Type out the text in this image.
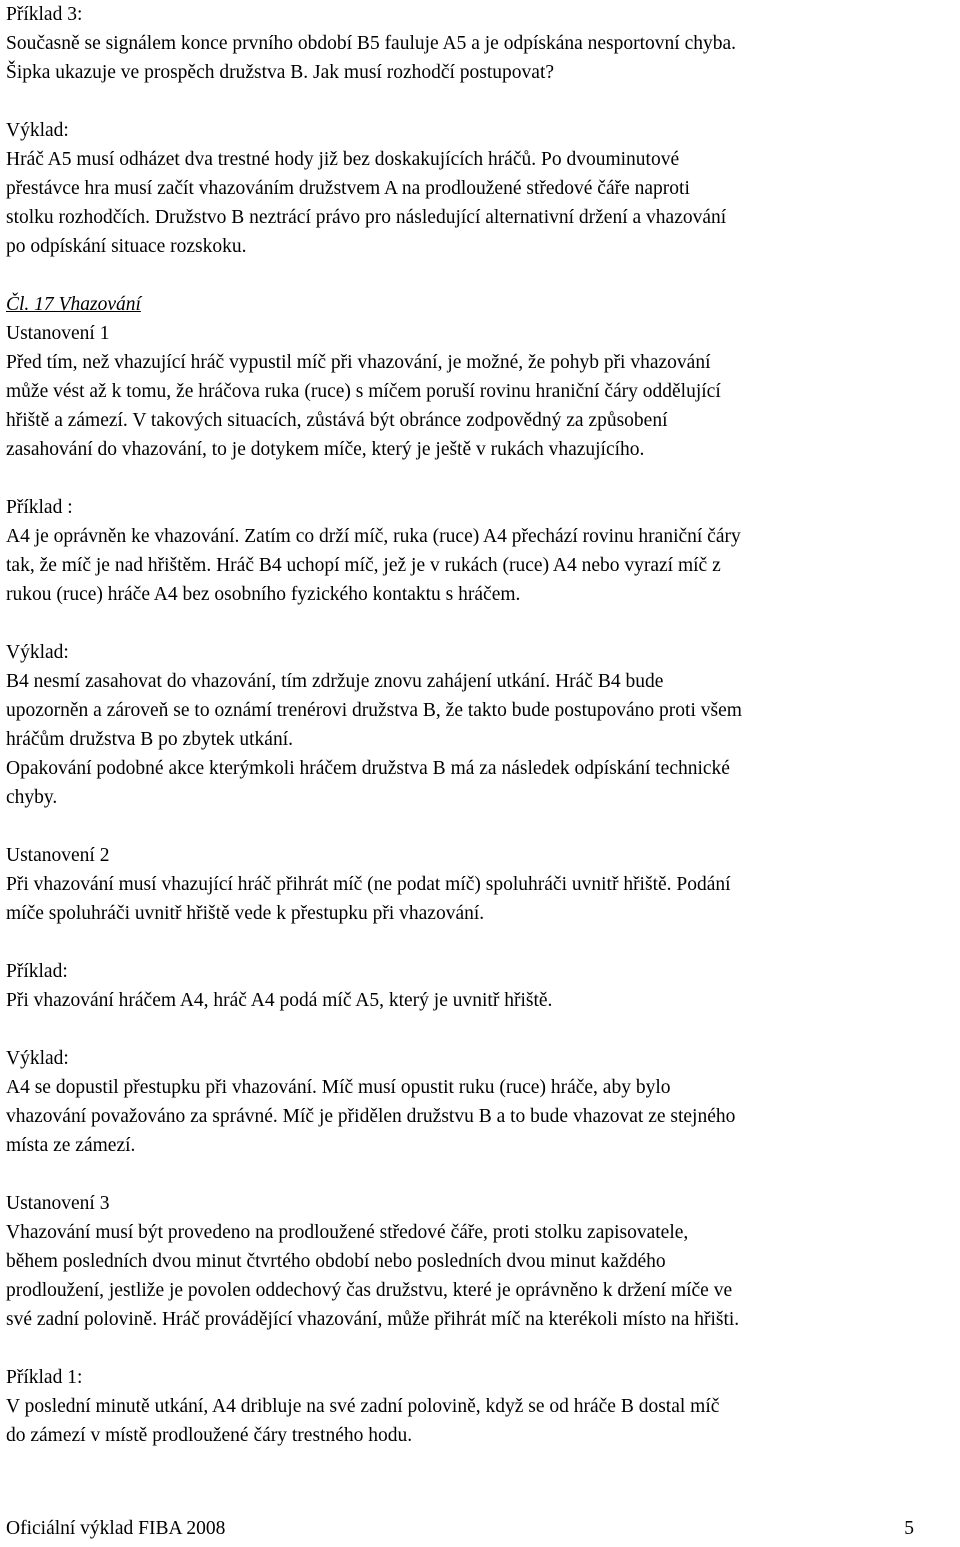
Příklad 3:
Současně se signálem konce prvního období B5 fauluje A5 a je odpískána nesportovní chyba.
Šipka ukazuje ve prospěch družstva B. Jak musí rozhodčí postupovat?
Výklad:
Hráč A5 musí odházet dva trestné hody již bez doskakujících hráčů. Po dvouminutové
přestávce hra musí začít vhazováním družstvem A na prodloužené středové čáře naproti
stolku rozhodčích. Družstvo B neztrácí právo pro následující alternativní držení a vhazování
po odpískání situace rozskoku.
Čl. 17 Vhazování
Ustanovení 1
Před tím, než vhazující hráč vypustil míč při vhazování, je možné, že pohyb při vhazování
může vést až k tomu, že hráčova ruka (ruce) s míčem poruší rovinu hraniční čáry oddělující
hřiště a zámezí. V takových situacích, zůstává být obránce zodpovědný za způsobení
zasahování do vhazování, to je dotykem míče, který je ještě v rukách vhazujícího.
Příklad :
A4 je oprávněn ke vhazování. Zatím co drží míč, ruka (ruce) A4 přechází rovinu hraniční čáry
tak, že míč je nad hřištěm. Hráč B4 uchopí míč, jež je v rukách (ruce) A4 nebo vyrazí míč z
rukou (ruce) hráče A4 bez osobního fyzického kontaktu s hráčem.
Výklad:
B4 nesmí zasahovat do vhazování, tím zdržuje znovu zahájení utkání. Hráč B4 bude
upozorněn a zároveň se to oznámí trenérovi družstva B, že takto bude postupováno proti všem
hráčům družstva B po zbytek utkání.
Opakování podobné akce kterýmkoli hráčem družstva B má za následek odpískání technické
chyby.
Ustanovení 2
Při vhazování musí vhazující hráč přihrát míč (ne podat míč) spoluhráči uvnitř hřiště. Podání
míče spoluhráči uvnitř hřiště vede k přestupku při vhazování.
Příklad:
Při vhazování hráčem A4, hráč A4 podá míč A5, který je uvnitř hřiště.
Výklad:
A4 se dopustil přestupku při vhazování. Míč musí opustit ruku (ruce) hráče, aby bylo
vhazování považováno za správné. Míč je přidělen družstvu B a to bude vhazovat ze stejného
místa ze zámezí.
Ustanovení 3
Vhazování musí být provedeno na prodloužené středové čáře, proti stolku zapisovatele,
během posledních dvou minut čtvrtého období nebo posledních dvou minut každého
prodloužení, jestliže je povolen oddechový čas družstvu, které je oprávněno k držení míče ve
své zadní polovině. Hráč provádějící vhazování, může přihrát míč na kterékoli místo na hřišti.
Příklad 1:
V poslední minutě utkání, A4 dribluje na své zadní polovině, když se od hráče B dostal míč
do zámezí v místě prodloužené čáry trestného hodu.
Oficiální výklad FIBA 2008	5
